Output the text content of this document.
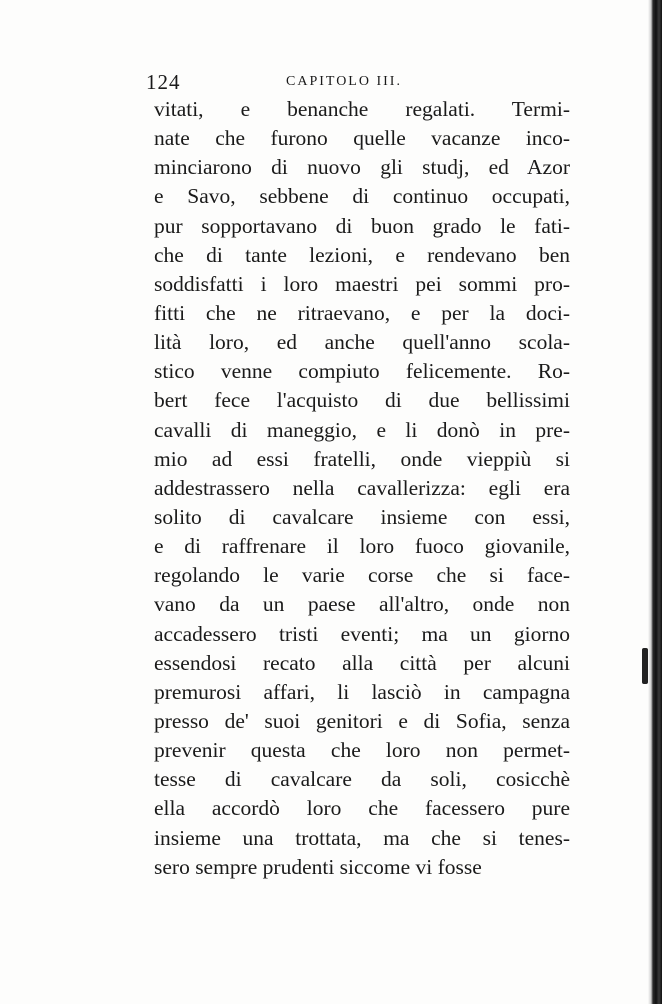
124	CAPITOLO III.
vitati, e benanche regalati. Termi-
nate che furono quelle vacanze inco-
minciarono di nuovo gli studj, ed Azor
e Savo, sebbene di continuo occupati,
pur sopportavano di buon grado le fati-
che di tante lezioni, e rendevano ben
soddisfatti i loro maestri pei sommi pro-
fitti che ne ritraevano, e per la doci-
lità loro, ed anche quell'anno scola-
stico venne compiuto felicemente. Ro-
bert fece l'acquisto di due bellissimi
cavalli di maneggio, e li donò in pre-
mio ad essi fratelli, onde vieppiù si
addestrassero nella cavallerizza: egli era
solito di cavalcare insieme con essi,
e di raffrenare il loro fuoco giovanile,
regolando le varie corse che si face-
vano da un paese all'altro, onde non
accadessero tristi eventi; ma un giorno
essendosi recato alla città per alcuni
premurosi affari, li lasciò in campagna
presso de' suoi genitori e di Sofia, senza
prevenir questa che loro non permet-
tesse di cavalcare da soli, cosicchè
ella accordò loro che facessero pure
insieme una trottata, ma che si tenes-
sero sempre prudenti siccome vi fosse
